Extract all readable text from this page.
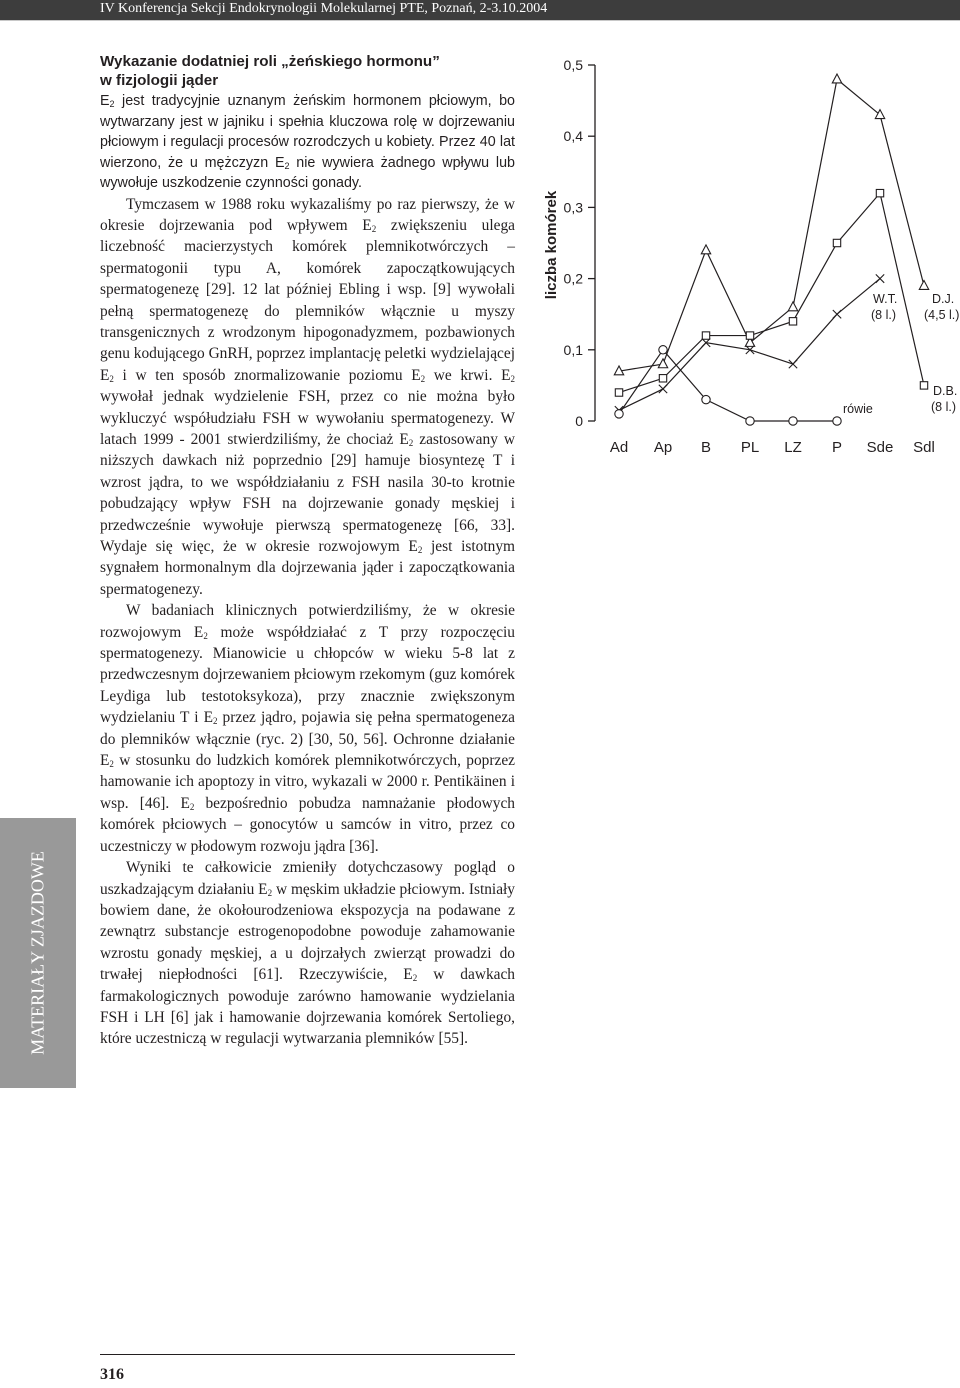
IV Konferencja Sekcji Endokrynologii Molekularnej PTE, Poznań, 2-3.10.2004
MATERIAŁY ZJAZDOWE
Wykazanie dodatniej roli „żeńskiego hormonu”
w fizjologii jąder

$E_2$ jest tradycyjnie uznanym żeńskim hormonem płciowym, bo wytwarzany jest w jajniku i spełnia kluczowa rolę w dojrzewaniu płciowym i regulacji procesów rozrodczych u kobiety. Przez 40 lat wierzono, że u mężczyzn $E_2$ nie wywiera żadnego wpływu lub wywołuje uszkodzenie czynności gonady.

Tymczasem w 1988 roku wykazaliśmy po raz pierwszy, że w okresie dojrzewania pod wpływem $E_2$ zwiększeniu ulega liczebność macierzystych komórek plemnikotwórczych – spermatogonii typu A, komórek zapoczątkowujących spermatogenezę [29]. 12 lat później Ebling i wsp. [9] wywołali pełną spermatogenezę do plemników włącznie u myszy transgenicznych z wrodzonym hipogonadyzmem, pozbawionych genu kodującego GnRH, poprzez implantację peletki wydzielającej $E_2$ i w ten sposób znormalizowanie poziomu $E_2$ we krwi. $E_2$ wywołał jednak wydzielenie FSH, przez co nie można było wykluczyć współudziału FSH w wywołaniu spermatogenezy. W latach 1999 - 2001 stwierdziliśmy, że chociaż $E_2$ zastosowany w niższych dawkach niż poprzednio [29] hamuje biosyntezę T i wzrost jądra, to we współdziałaniu z FSH nasila 30-to krotnie pobudzający wpływ FSH na dojrzewanie gonady męskiej i przedwcześnie wywołuje pierwszą spermatogenezę [66, 33]. Wydaje się więc, że w okresie rozwojowym $E_2$ jest istotnym sygnałem hormonalnym dla dojrzewania jąder i zapoczątkowania spermatogenezy.

W badaniach klinicznych potwierdziliśmy, że w okresie rozwojowym $E_2$ może współdziałać z T przy rozpoczęciu spermatogenezy. Mianowicie u chłopców w wieku 5-8 lat z przedwczesnym dojrzewaniem płciowym rzekomym (guz komórek Leydiga lub testotoksykoza), przy znacznie zwiększonym wydzielaniu T i $E_2$ przez jądro, pojawia się pełna spermatogeneza do plemników włącznie (ryc. 2) [30, 50, 56]. Ochronne działanie $E_2$ w stosunku do ludzkich komórek plemnikotwórczych, poprzez hamowanie ich apoptozy in vitro, wykazali w 2000 r. Pentikäinen i wsp. [46]. $E_2$ bezpośrednio pobudza namnażanie płodowych komórek płciowych – gonocytów u samców in vitro, przez co uczestniczy w płodowym rozwoju jądra [36].

Wyniki te całkowicie zmieniły dotychczasowy pogląd o uszkadzającym działaniu $E_2$ w męskim układzie płciowym. Istniały bowiem dane, że okołourodzeniowa ekspozycja na podawane z zewnątrz substancje estrogenopodobne powoduje zahamowanie wzrostu gonady męskiej, a u dojrzałych zwierząt prowadzi do trwałej niepłodności [61]. Rzeczywiście, $E_2$ w dawkach farmakologicznych powoduje zarówno hamowanie wydzielania FSH i LH [6] jak i hamowanie dojrzewania komórek Sertoliego, które uczestniczą w regulacji wytwarzania plemników [55].

0
0,1
0,2
0,3
0,4
0,5
Ad Ap B PL LZ P Sde Sdl
liczba komórek	W.T.
(8 l.)
D.J.
(4,5 l.)
D.B.
(8 l.)
rówie
316
